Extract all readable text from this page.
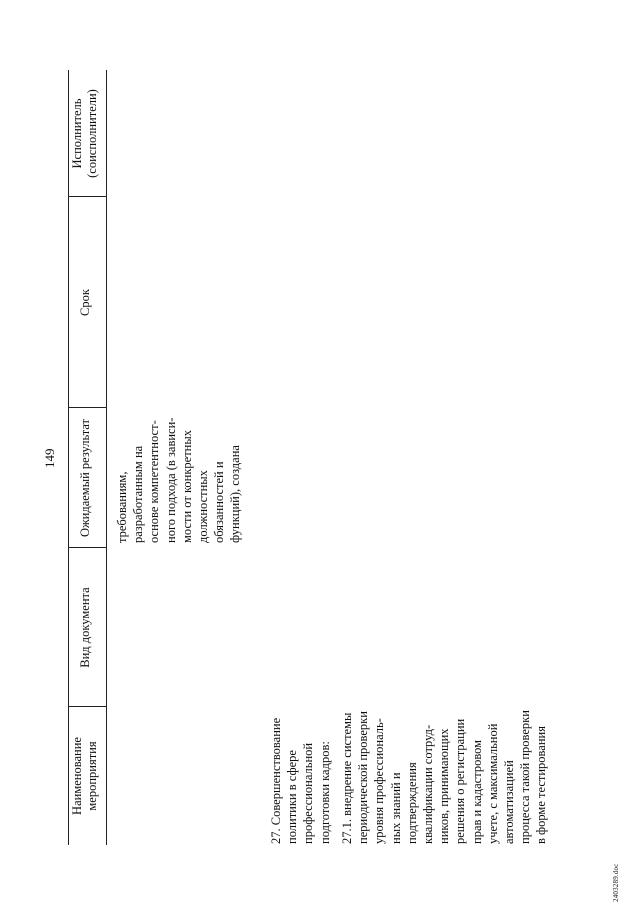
149
2403289.doc
Наименование
мероприятия
Вид документа
Ожидаемый результат
Срок
Исполнитель
(соисполнители)
требованиям,
разработанным на
основе компетентност-
ного подхода (в зависи-
мости от конкретных
должностных
обязанностей и
функций), создана
27. Совершенствование
политики в сфере
профессиональной
подготовки кадров:
27.1. внедрение системы
периодической проверки
уровня профессиональ-
ных знаний и
подтверждения
квалификации сотруд-
ников, принимающих
решения о регистрации
прав и кадастровом
учете, с максимальной
автоматизацией
процесса такой проверки
в форме тестирования
